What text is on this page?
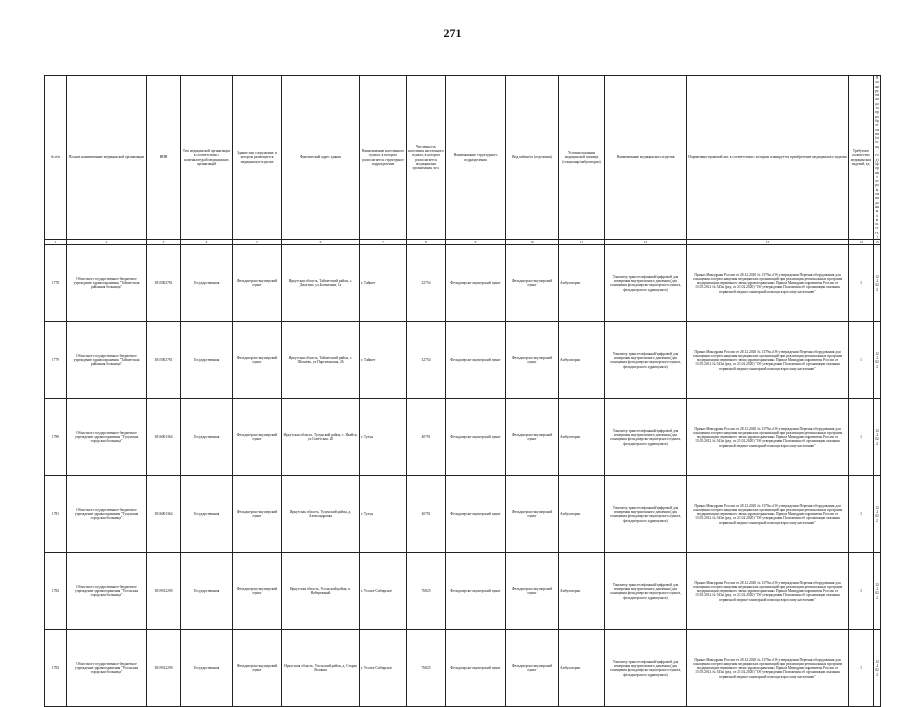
271
№ п/п	Полное наименование медицинской организации	ИНН	Тип медицинской организации в соответствии с номенклатурой медицинских организаций	Здание или сооружение, в котором размещается медицинское изделие	Фактический адрес здания	Наименование населенного пункта, в котором располагается структурное подразделение	Численность населения населенного пункта, в котором располагается медицинская организация, чел.	Наименование структурного подразделения	Вид кабинета (отделения)	Условия оказания медицинской помощи (стационар/амбулаторно)	Наименование медицинского изделия	Нормативно-правовой акт, в соответствии с которым планируется приобретение медицинского изделия	Требуемое количество медицинских изделий, ед.	Планируемая дата приобретения (месяц, год) (формат отражения данных мм.гггг.)
1	2	3	4	5	6	7	8	9	10	11	12	13	14	15
1778	Областное государственное бюджетное учреждение здравоохранения "Тайшетская районная больница"	3815002781	Государственная	Фельдшерско-акушерский пункт	Иркутская область, Тайшетский район, с. Джогино, ул.Болничная, 1а	г. Тайшет	32754	Фельдшерско-акушерский пункт	Фельдшерско-акушерский пункт	Амбулаторно	Тонометр транстелефонный/цифровой для измерения внутриглазного давления (для оснащения фельдшерско-акушерского пункта, фельдшерского здравпункта)	Приказ Минздрава России от 28.12.2020 № 1379н «Об утверждении Перечня оборудования для оснащения и переоснащения медицинских организаций при реализации региональных программ модернизации первичного звена здравоохранения» Приказ Минздравсоцразвития России от 15.05.2012 № 543н (ред. от 21.02.2020) "Об утверждении Положения об организации оказания первичной медико-санитарной помощи взрослому населению"	1	12.2022
1779	Областное государственное бюджетное учреждение здравоохранения "Тайшетская районная больница"	3815002781	Государственная	Фельдшерско-акушерский пункт	Иркутская область, Тайшетский район, с. Шелаево, ул.Партизанская, 26	г. Тайшет	32754	Фельдшерско-акушерский пункт	Фельдшерско-акушерский пункт	Амбулаторно	Тонометр транстелефонный/цифровой для измерения внутриглазного давления (для оснащения фельдшерско-акушерского пункта, фельдшерского здравпункта)	Приказ Минздрава России от 28.12.2020 № 1379н «Об утверждении Перечня оборудования для оснащения и переоснащения медицинских организаций при реализации региональных программ модернизации первичного звена здравоохранения» Приказ Минздравсоцразвития России от 15.05.2012 № 543н (ред. от 21.02.2020) "Об утверждении Положения об организации оказания первичной медико-санитарной помощи взрослому населению"	1	12.2022
1780	Областное государственное бюджетное учреждение здравоохранения "Тулунская городская больница"	3816001364	Государственная	Фельдшерско-акушерский пункт	Иркутская область, Тулунский район, с. Икейск, ул.Советская, 20	г. Тулун	40791	Фельдшерско-акушерский пункт	Фельдшерско-акушерский пункт	Амбулаторно	Тонометр транстелефонный/цифровой для измерения внутриглазного давления (для оснащения фельдшерско-акушерского пункта, фельдшерского здравпункта)	Приказ Минздрава России от 28.12.2020 № 1379н «Об утверждении Перечня оборудования для оснащения и переоснащения медицинских организаций при реализации региональных программ модернизации первичного звена здравоохранения» Приказ Минздравсоцразвития России от 15.05.2012 № 543н (ред. от 21.02.2020) "Об утверждении Положения об организации оказания первичной медико-санитарной помощи взрослому населению"	1	12.2022
1781	Областное государственное бюджетное учреждение здравоохранения "Тулунская городская больница"	3816001364	Государственная	Фельдшерско-акушерский пункт	Иркутская область, Тулунский район, д. Александровка	г. Тулун	40791	Фельдшерско-акушерский пункт	Фельдшерско-акушерский пункт	Амбулаторно	Тонометр транстелефонный/цифровой для измерения внутриглазного давления (для оснащения фельдшерско-акушерского пункта, фельдшерского здравпункта)	Приказ Минздрава России от 28.12.2020 № 1379н «Об утверждении Перечня оборудования для оснащения и переоснащения медицинских организаций при реализации региональных программ модернизации первичного звена здравоохранения» Приказ Минздравсоцразвития России от 15.05.2012 № 543н (ред. от 21.02.2020) "Об утверждении Положения об организации оказания первичной медико-санитарной помощи взрослому населению"	1	12.2022
1782	Областное государственное бюджетное учреждение здравоохранения "Усольская городская больница"	3819012290	Государственная	Фельдшерско-акушерский пункт	Иркутская область, Усольский район, п. Набережный	г. Усолье-Сибирское	76825	Фельдшерско-акушерский пункт	Фельдшерско-акушерский пункт	Амбулаторно	Тонометр транстелефонный/цифровой для измерения внутриглазного давления (для оснащения фельдшерско-акушерского пункта, фельдшерского здравпункта)	Приказ Минздрава России от 28.12.2020 № 1379н «Об утверждении Перечня оборудования для оснащения и переоснащения медицинских организаций при реализации региональных программ модернизации первичного звена здравоохранения» Приказ Минздравсоцразвития России от 15.05.2012 № 543н (ред. от 21.02.2020) "Об утверждении Положения об организации оказания первичной медико-санитарной помощи взрослому населению"	1	12.2022
1783	Областное государственное бюджетное учреждение здравоохранения "Усольская городская больница"	3819012290	Государственная	Фельдшерско-акушерский пункт	Иркутская область, Усольский район, д. Старая Ясачная	г. Усолье-Сибирское	76825	Фельдшерско-акушерский пункт	Фельдшерско-акушерский пункт	Амбулаторно	Тонометр транстелефонный/цифровой для измерения внутриглазного давления (для оснащения фельдшерско-акушерского пункта, фельдшерского здравпункта)	Приказ Минздрава России от 28.12.2020 № 1379н «Об утверждении Перечня оборудования для оснащения и переоснащения медицинских организаций при реализации региональных программ модернизации первичного звена здравоохранения» Приказ Минздравсоцразвития России от 15.05.2012 № 543н (ред. от 21.02.2020) "Об утверждении Положения об организации оказания первичной медико-санитарной помощи взрослому населению"	1	12.2022
